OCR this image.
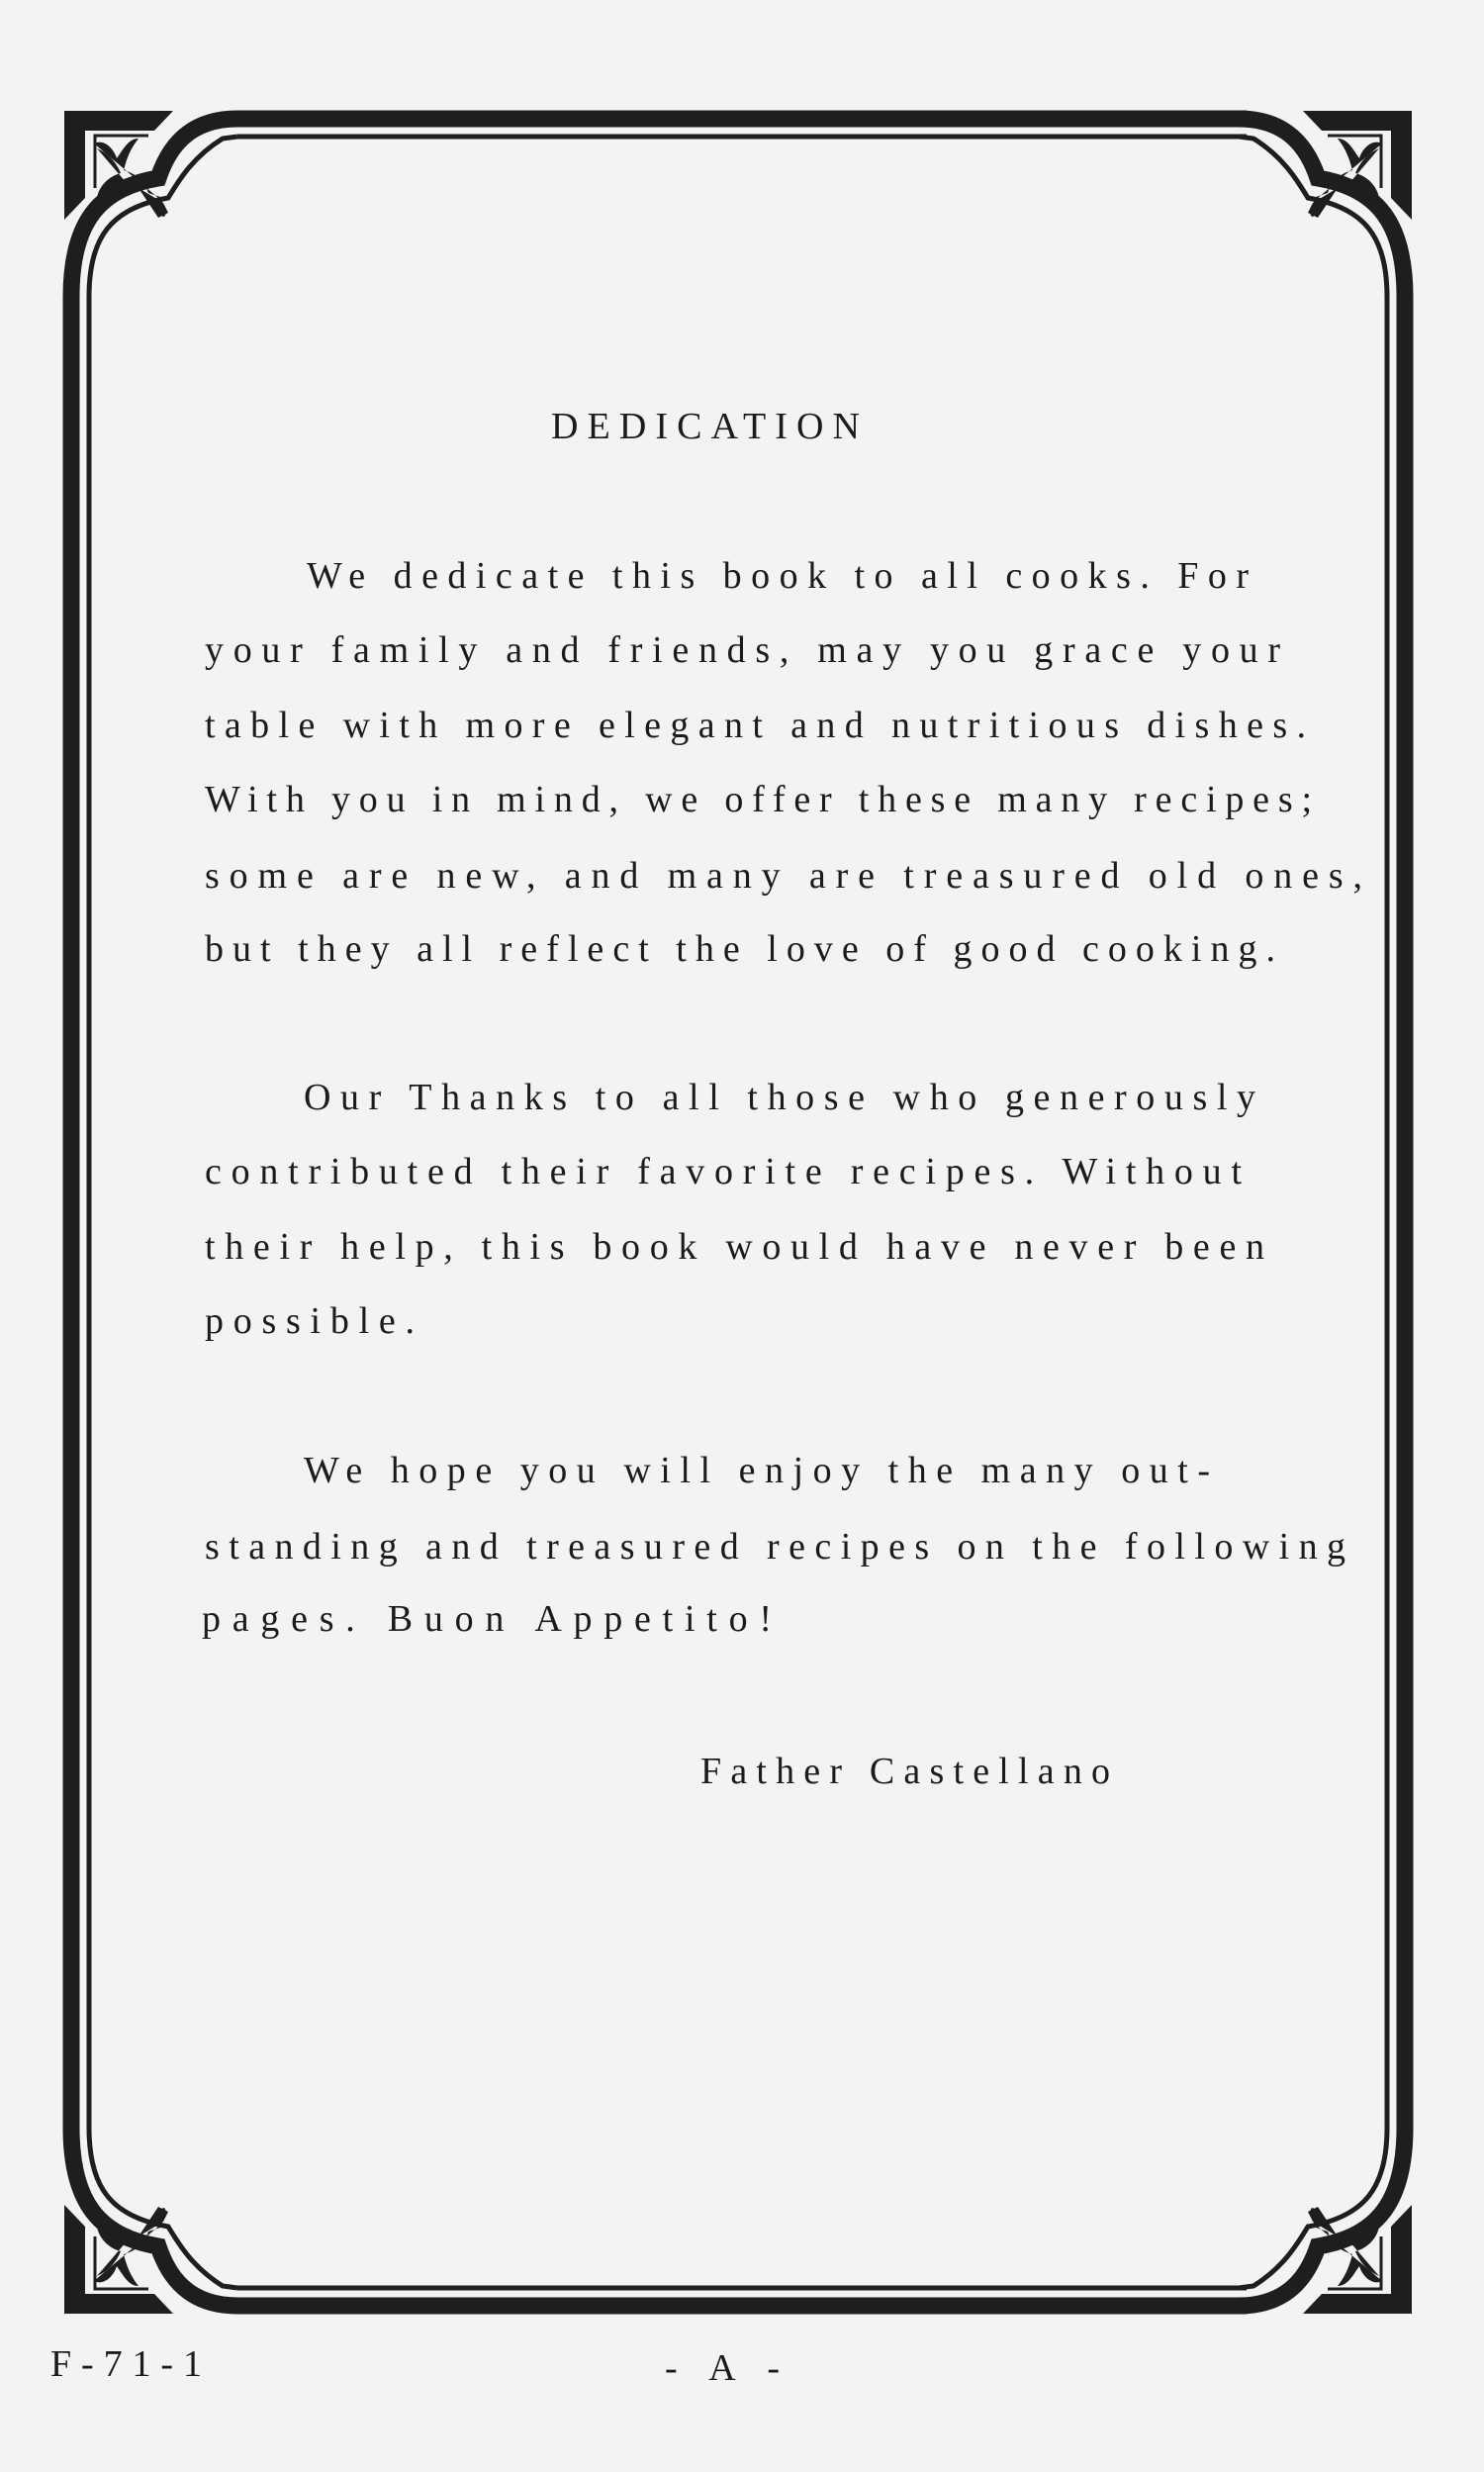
DEDICATION
We dedicate this book to all cooks. For
your family and friends, may you grace your
table with more elegant and nutritious dishes.
With you in mind, we offer these many recipes;
some are new, and many are treasured old ones,
but they all reflect the love of good cooking.
Our Thanks to all those who generously
contributed their favorite recipes. Without
their help, this book would have never been
possible.
We hope you will enjoy the many out-
standing and treasured recipes on the following
pages. Buon Appetito!
Father Castellano
F-71-1	- A -
